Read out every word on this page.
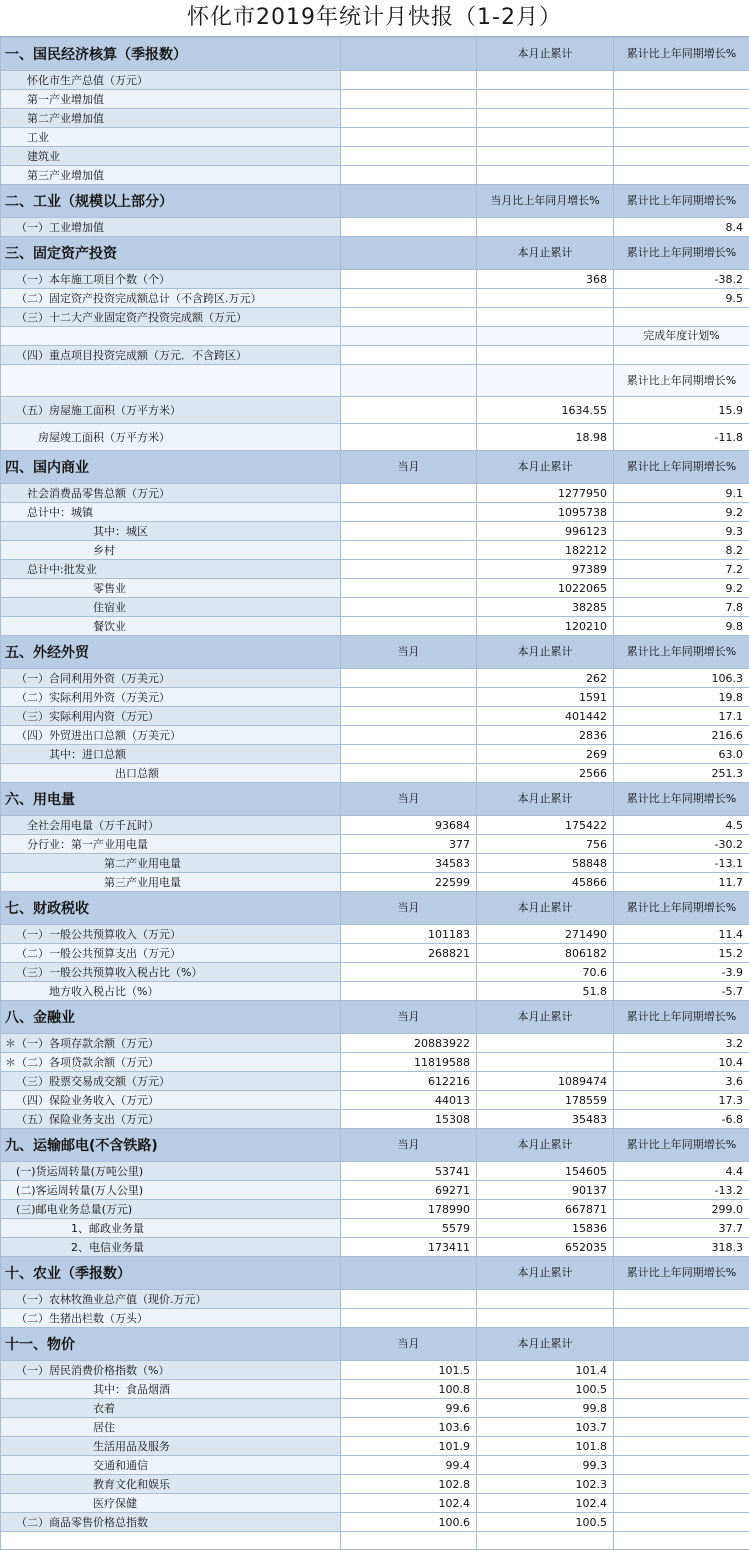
怀化市2019年统计月快报（1-2月）
一、国民经济核算（季报数）		本月止累计	累计比上年同期增长%
怀化市生产总值（万元）			
第一产业增加值			
第二产业增加值			
工业			
建筑业			
第三产业增加值			
二、工业（规模以上部分）		当月比上年同月增长%	累计比上年同期增长%
（一）工业增加值			8.4
三、固定资产投资		本月止累计	累计比上年同期增长%
（一）本年施工项目个数（个）		368	-38.2
（二）固定资产投资完成额总计（不含跨区.万元）			9.5
（三）十二大产业固定资产投资完成额（万元）			
			完成年度计划%
（四）重点项目投资完成额（万元．不含跨区）			
			累计比上年同期增长%
（五）房屋施工面积（万平方米）		1634.55	15.9
房屋竣工面积（万平方米）		18.98	-11.8
四、国内商业	当月	本月止累计	累计比上年同期增长%
社会消费品零售总额（万元）		1277950	9.1
总计中：城镇		1095738	9.2
其中：城区		996123	9.3
乡村		182212	8.2
总计中:批发业		97389	7.2
零售业		1022065	9.2
住宿业		38285	7.8
餐饮业		120210	9.8
五、外经外贸	当月	本月止累计	累计比上年同期增长%
（一）合同利用外资（万美元）		262	106.3
（二）实际利用外资（万美元）		1591	19.8
（三）实际利用内资（万元）		401442	17.1
（四）外贸进出口总额（万美元）		2836	216.6
其中：进口总额		269	63.0
出口总额		2566	251.3
六、用电量	当月	本月止累计	累计比上年同期增长%
全社会用电量（万千瓦时）	93684	175422	4.5
分行业：第一产业用电量	377	756	-30.2
第二产业用电量	34583	58848	-13.1
第三产业用电量	22599	45866	11.7
七、财政税收	当月	本月止累计	累计比上年同期增长%
（一）一般公共预算收入（万元）	101183	271490	11.4
（二）一般公共预算支出（万元）	268821	806182	15.2
（三）一般公共预算收入税占比（%）		70.6	-3.9
地方收入税占比（%）		51.8	-5.7
八、金融业	当月	本月止累计	累计比上年同期增长%
＊（一）各项存款余额（万元）	20883922		3.2
＊（二）各项贷款余额（万元）	11819588		10.4
（三）股票交易成交额（万元）	612216	1089474	3.6
（四）保险业务收入（万元）	44013	178559	17.3
（五）保险业务支出（万元）	15308	35483	-6.8
九、运输邮电(不含铁路)	当月	本月止累计	累计比上年同期增长%
(一)货运周转量(万吨公里)	53741	154605	4.4
(二)客运周转量(万人公里)	69271	90137	-13.2
(三)邮电业务总量(万元)	178990	667871	299.0
1、邮政业务量	5579	15836	37.7
2、电信业务量	173411	652035	318.3
十、农业（季报数）		本月止累计	累计比上年同期增长%
（一）农林牧渔业总产值（现价.万元）			
（二）生猪出栏数（万头）			
十一、物价	当月	本月止累计	
（一）居民消费价格指数（%）	101.5	101.4	
其中：食品烟酒	100.8	100.5	
衣着	99.6	99.8	
居住	103.6	103.7	
生活用品及服务	101.9	101.8	
交通和通信	99.4	99.3	
教育文化和娱乐	102.8	102.3	
医疗保健	102.4	102.4	
（二）商品零售价格总指数	100.6	100.5	
